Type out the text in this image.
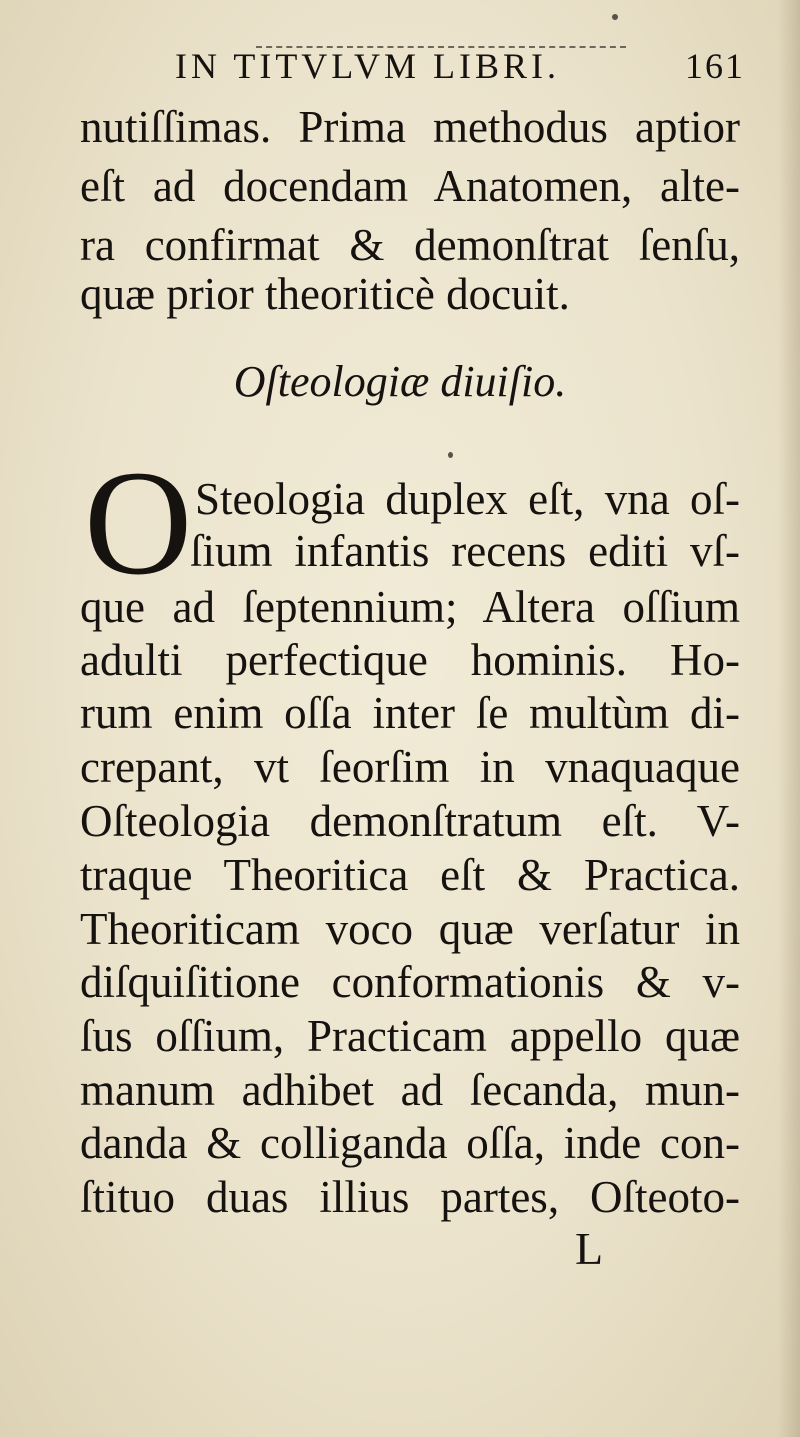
IN TITVLVM LIBRI.	161
nutiſſimas. Prima methodus aptior
eſt ad docendam Anatomen, alte-
ra confirmat & demonſtrat ſenſu,
quæ prior theoriticè docuit.
Oſteologiæ diuiſio.
O Steologia duplex eſt, vna oſ-
ſium infantis recens editi vſ-
que ad ſeptennium; Altera oſſium
adulti perfectique hominis. Ho-
rum enim oſſa inter ſe multùm di-
crepant, vt ſeorſim in vnaquaque
Oſteologia demonſtratum eſt. V-
traque Theoritica eſt & Practica.
Theoriticam voco quæ verſatur in
diſquiſitione conformationis & v-
ſus oſſium, Practicam appello quæ
manum adhibet ad ſecanda, mun-
danda & colliganda oſſa, inde con-
ſtituo duas illius partes, Oſteoto-
L
